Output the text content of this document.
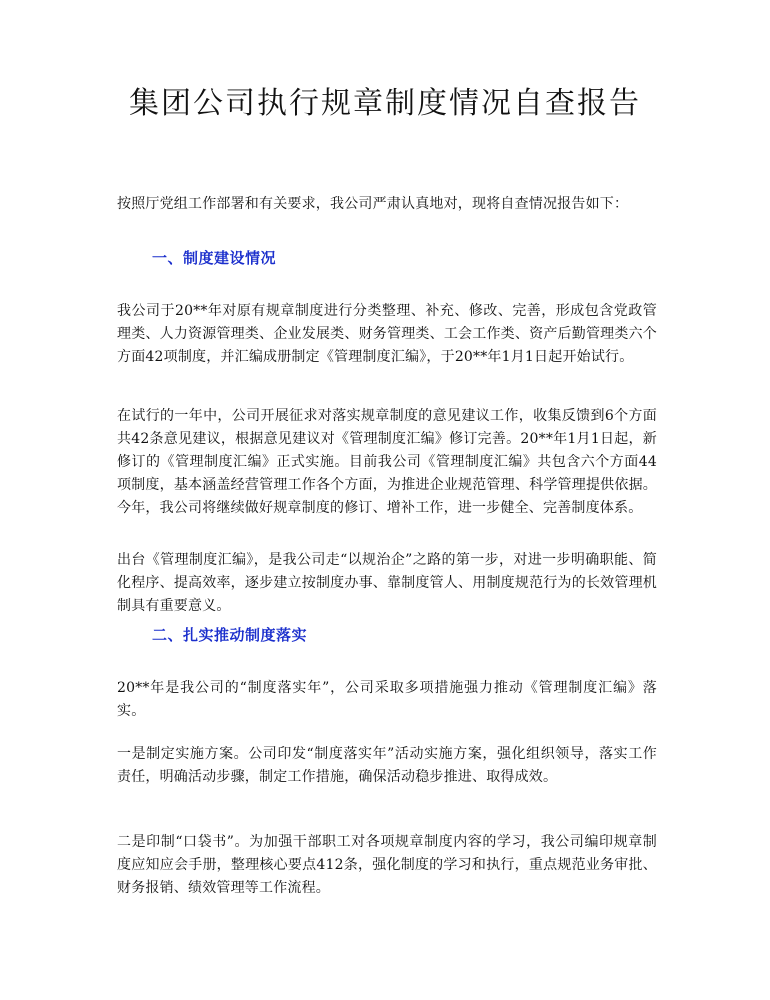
集团公司执行规章制度情况自查报告

按照厅党组工作部署和有关要求，我公司严肃认真地对，现将自查情况报告如下：

一、制度建设情况

我公司于20**年对原有规章制度进行分类整理、补充、修改、完善，形成包含党政管理类、人力资源管理类、企业发展类、财务管理类、工会工作类、资产后勤管理类六个方面42项制度，并汇编成册制定《管理制度汇编》，于20**年1月1日起开始试行。

在试行的一年中，公司开展征求对落实规章制度的意见建议工作，收集反馈到6个方面共42条意见建议，根据意见建议对《管理制度汇编》修订完善。20**年1月1日起，新修订的《管理制度汇编》正式实施。目前我公司《管理制度汇编》共包含六个方面44项制度，基本涵盖经营管理工作各个方面，为推进企业规范管理、科学管理提供依据。今年，我公司将继续做好规章制度的修订、增补工作，进一步健全、完善制度体系。

出台《管理制度汇编》，是我公司走“以规治企”之路的第一步，对进一步明确职能、简化程序、提高效率，逐步建立按制度办事、靠制度管人、用制度规范行为的长效管理机制具有重要意义。

二、扎实推动制度落实

20**年是我公司的“制度落实年”，公司采取多项措施强力推动《管理制度汇编》落实。

一是制定实施方案。公司印发“制度落实年”活动实施方案，强化组织领导，落实工作责任，明确活动步骤，制定工作措施，确保活动稳步推进、取得成效。

二是印制“口袋书”。为加强干部职工对各项规章制度内容的学习，我公司编印规章制度应知应会手册，整理核心要点412条，强化制度的学习和执行，重点规范业务审批、财务报销、绩效管理等工作流程。
